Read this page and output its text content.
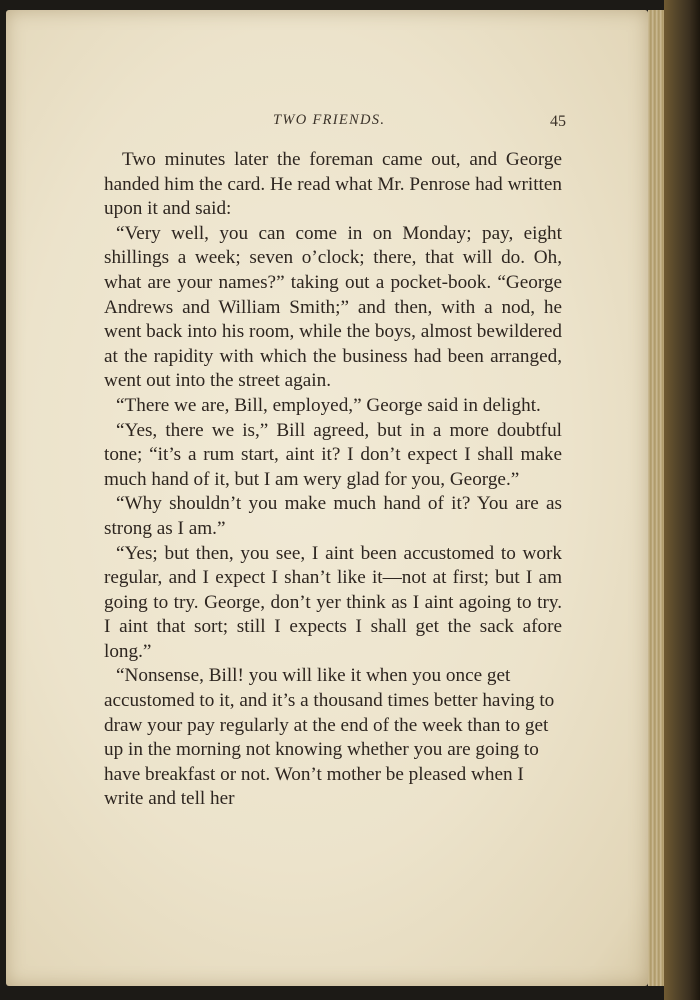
TWO FRIENDS.	45

Two minutes later the foreman came out, and George handed him the card. He read what Mr. Penrose had written upon it and said:

“Very well, you can come in on Monday; pay, eight shillings a week; seven o’clock; there, that will do. Oh, what are your names?” taking out a pocket-book. “George Andrews and William Smith;” and then, with a nod, he went back into his room, while the boys, almost bewildered at the rapidity with which the business had been arranged, went out into the street again.

“There we are, Bill, employed,” George said in delight.

“Yes, there we is,” Bill agreed, but in a more doubtful tone; “it’s a rum start, aint it? I don’t expect I shall make much hand of it, but I am wery glad for you, George.”

“Why shouldn’t you make much hand of it? You are as strong as I am.”

“Yes; but then, you see, I aint been accustomed to work regular, and I expect I shan’t like it—not at first; but I am going to try. George, don’t yer think as I aint agoing to try. I aint that sort; still I expects I shall get the sack afore long.”

“Nonsense, Bill! you will like it when you once get accustomed to it, and it’s a thousand times better having to draw your pay regularly at the end of the week than to get up in the morning not knowing whether you are going to have breakfast or not. Won’t mother be pleased when I write and tell her
